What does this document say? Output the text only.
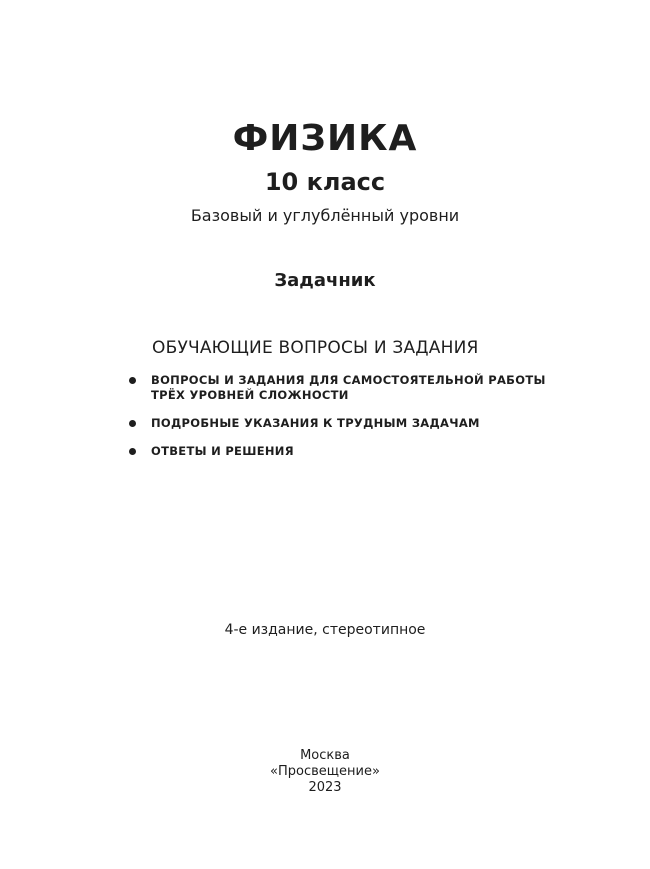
ФИЗИКА
10 класс
Базовый и углублённый уровни
Задачник
ОБУЧАЮЩИЕ ВОПРОСЫ И ЗАДАНИЯ
ВОПРОСЫ И ЗАДАНИЯ ДЛЯ САМОСТОЯТЕЛЬНОЙ РАБОТЫ
ТРЁХ УРОВНЕЙ СЛОЖНОСТИ
ПОДРОБНЫЕ УКАЗАНИЯ К ТРУДНЫМ ЗАДАЧАМ
ОТВЕТЫ И РЕШЕНИЯ
4-е издание, стереотипное
Москва
«Просвещение»
2023
